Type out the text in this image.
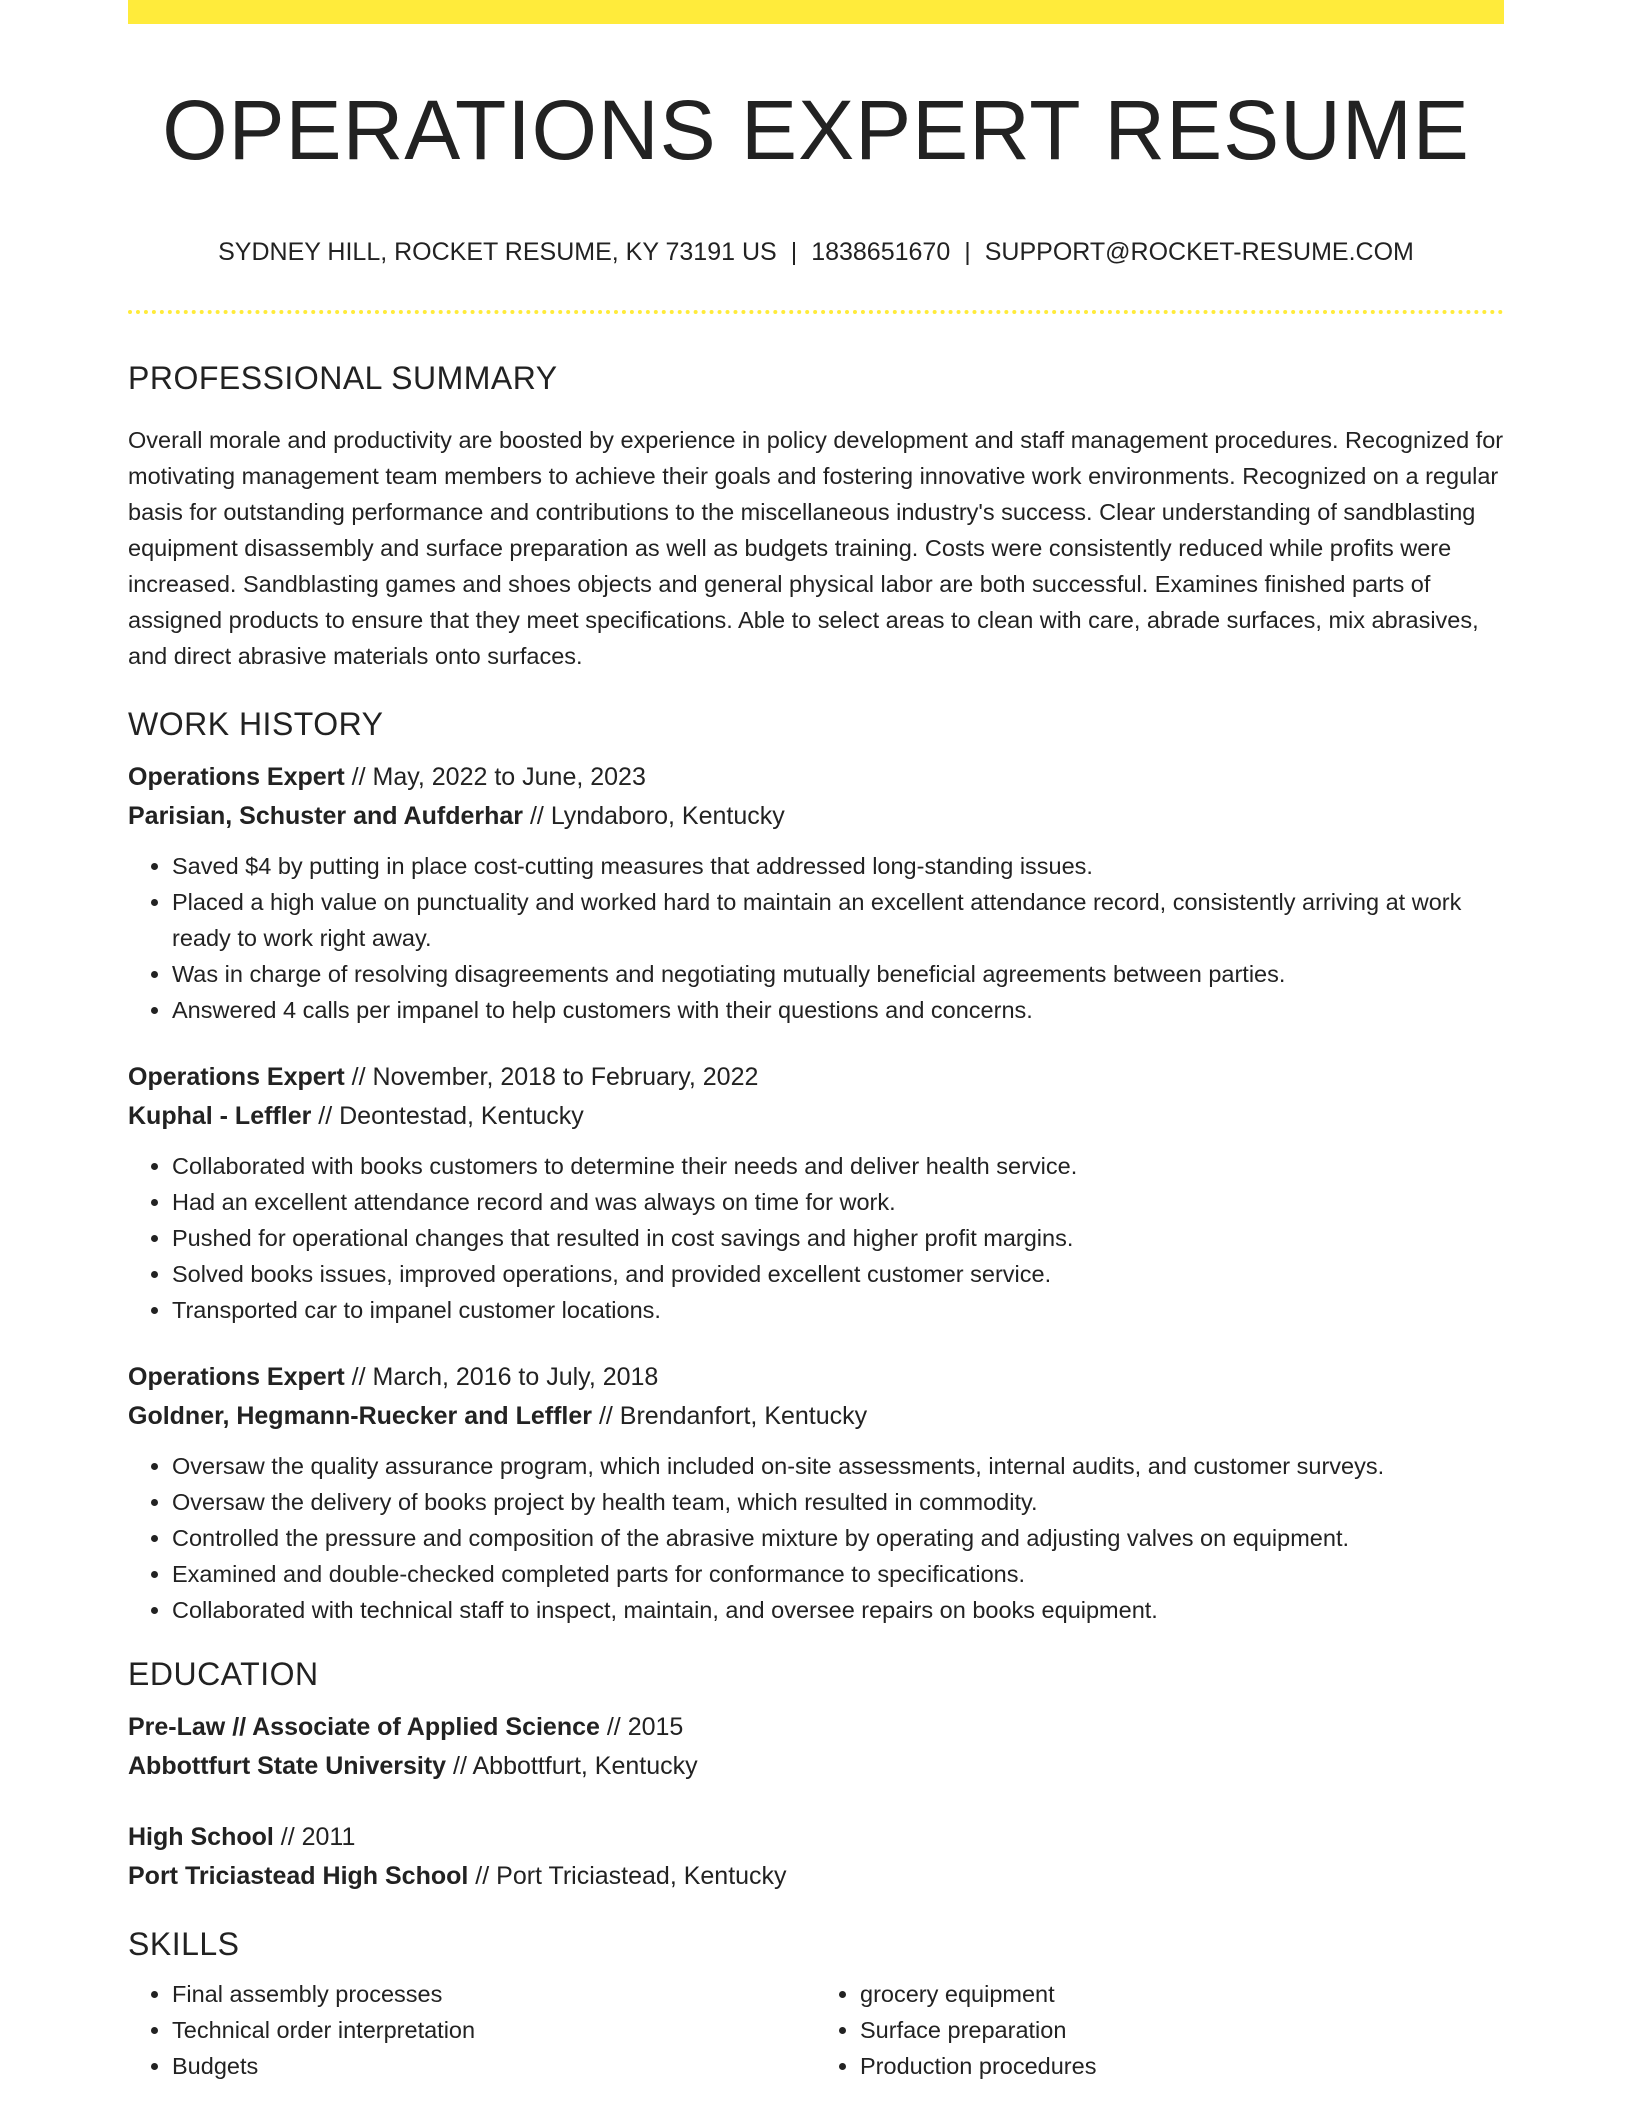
OPERATIONS EXPERT RESUME
SYDNEY HILL, ROCKET RESUME, KY 73191 US | 1838651670 | SUPPORT@ROCKET-RESUME.COM
PROFESSIONAL SUMMARY

Overall morale and productivity are boosted by experience in policy development and staff management procedures. Recognized for motivating management team members to achieve their goals and fostering innovative work environments. Recognized on a regular basis for outstanding performance and contributions to the miscellaneous industry's success. Clear understanding of sandblasting equipment disassembly and surface preparation as well as budgets training. Costs were consistently reduced while profits were increased. Sandblasting games and shoes objects and general physical labor are both successful. Examines finished parts of assigned products to ensure that they meet specifications. Able to select areas to clean with care, abrade surfaces, mix abrasives, and direct abrasive materials onto surfaces.

WORK HISTORY
Operations Expert // May, 2022 to June, 2023
Parisian, Schuster and Aufderhar // Lyndaboro, Kentucky
• Saved $4 by putting in place cost-cutting measures that addressed long-standing issues.
• Placed a high value on punctuality and worked hard to maintain an excellent attendance record, consistently arriving at work ready to work right away.
• Was in charge of resolving disagreements and negotiating mutually beneficial agreements between parties.
• Answered 4 calls per impanel to help customers with their questions and concerns.
Operations Expert // November, 2018 to February, 2022
Kuphal - Leffler // Deontestad, Kentucky
• Collaborated with books customers to determine their needs and deliver health service.
• Had an excellent attendance record and was always on time for work.
• Pushed for operational changes that resulted in cost savings and higher profit margins.
• Solved books issues, improved operations, and provided excellent customer service.
• Transported car to impanel customer locations.
Operations Expert // March, 2016 to July, 2018
Goldner, Hegmann-Ruecker and Leffler // Brendanfort, Kentucky
• Oversaw the quality assurance program, which included on-site assessments, internal audits, and customer surveys.
• Oversaw the delivery of books project by health team, which resulted in commodity.
• Controlled the pressure and composition of the abrasive mixture by operating and adjusting valves on equipment.
• Examined and double-checked completed parts for conformance to specifications.
• Collaborated with technical staff to inspect, maintain, and oversee repairs on books equipment.
EDUCATION
Pre-Law // Associate of Applied Science // 2015
Abbottfurt State University // Abbottfurt, Kentucky
High School // 2011
Port Triciastead High School // Port Triciastead, Kentucky
SKILLS
• Final assembly processes
• Technical order interpretation
• Budgets
• grocery equipment
• Surface preparation
• Production procedures
